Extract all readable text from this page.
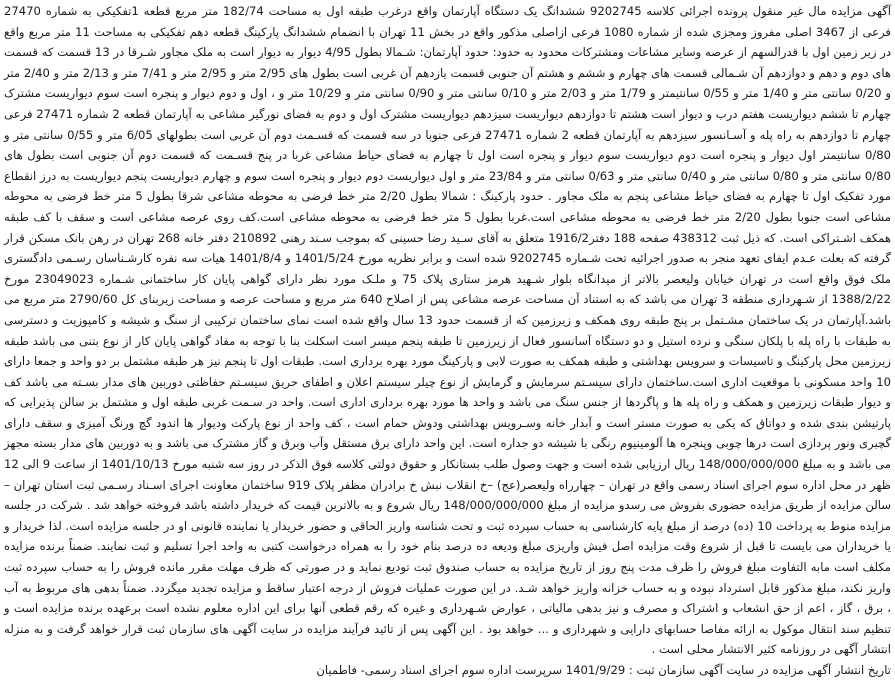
آگهی مزایده مال غیر منقول پرونده اجرائی کلاسه 9202745 ششدانگ یک دستگاه آپارتمان واقع درغرب طبقه اول به مساحت 182/74 متر مربع قطعه 1تفکیکی به شماره 27470 فرعی از 3467 اصلی مفروز ومجزی شده از شماره 1080 فرعی ازاصلی مذکور واقع در بخش 11 تهران با انضمام ششدانگ پارکینگ قطعه دهم تفکیکی به مساحت 11 متر مربع واقع در زیر زمین اول با قدرالسهم از عرصه وسایر مشاعات ومشترکات محدود به حدود: حدود آپارتمان: شـمالا بطول 4/95 دیوار به دیوار است به ملک مجاور شـرقا در 13 قسمت که قسمت های دوم و دهم و دوازدهم آن شـمالی قسمت های چهارم و ششم و هشتم آن جنوبی قسمت یازدهم آن غربی است بطول های 2/95 متر و 2/95 متر و 7/41 متر و 2/13 متر و 2/40 متر و 0/20 سانتی متر و 1/40 متر و 0/55 سانتیمتر و 1/79 متر و 2/03 متر و 0/10 سانتی متر و 0/90 سانتی متر و 10/29 متر و ، اول و دوم دیوار و پنجره است سوم دیواریست مشترک چهارم تا ششم دیواریست هفتم درب و دیوار است هشتم تا دوازدهم دیواریست سیزدهم دیواریست مشترک اول و دوم به فضای نورگیر مشاعی به آپارتمان قطعه 2 شماره 27471 فرعی چهارم تا دوازدهم به راه پله و آسـانسور سیزدهم به آپارتمان قطعه 2 شماره 27471 فرعی جنوبا در سه قسمت که قسـمت دوم آن غربی است بطولهای 6/05 متر و 0/55 سانتی متر و 0/80 سانتیمتر اول دیوار و پنجره است دوم دیواریست سوم دیوار و پنجره است اول تا چهارم به فضای حیاط مشاعی غربا در پنج قسـمت که قسمت دوم آن جنوبی است بطول های 0/80 سانتی متر و 0/80 سانتی متر و 0/40 سانتی متر و 0/63 سانتی متر و 23/84 متر و اول دیواریست دوم دیوار و پنجره است سوم و چهارم دیواریست پنجم دیواریست به درز انقطاع مورد تفکیک اول تا چهارم به فضای حیاط مشاعی پنجم به ملک مجاور . حدود پارکینگ : شمالا بطول 2/20 متر خط فرضی به محوطه مشاعی شرقا بطول 5 متر خط فرضی به محوطه مشاعی است جنوبا بطول 2/20 متر خط فرضی به محوطه مشاعی است.غربا بطول 5 متر خط فرضی به محوطه مشاعی است.کف روی عرصه مشاعی است و سقف با کف طبقه همکف اشـتراکی است. که ذیل ثبت 438312 صفحه 188 دفتر1916/2 متعلق به آقای سـید رضا حسینی که بموجب سـند رهنی 210892 دفتر خانه 268 تهران در رهن بانک مسکن قرار گرفته که بعلت عـدم ایفای تعهد منجر به صدور اجرائیه تحت شـماره 9202745 شده است و برابر نظریه مورخ 1401/5/24 و 1401/8/4 هیات سه نفره کارشـناسان رسـمی دادگستری ملک فوق واقع است در تهران خیابان ولیعصر بالاتر از میدانگاه بلوار شـهید هرمز ستاری پلاک 75 و ملـک مورد نظر دارای گواهی پایان کار ساختمانی شـماره 23049023 مورخ 1388/2/22 از شـهرداری منطقه 3 تهران می باشد که به استناد آن مساحت عرصه مشاعی پس از اصلاح 640 متر مربع و مساحت عرصه و مساحت زیربنای کل 2790/60 متر مربع می باشد.آپارتمان در یک ساختمان مشـتمل بر پنج طبقه روی همکف و زیرزمین که از قسمت حدود 13 سال واقع شده است نمای ساختمان ترکیبی از سنگ و شیشه و کامپوزیت و دسترسی به طبقات با راه پله با پلکان سنگی و نرده استیل و دو دستگاه آسانسور فعال از زیرزمین تا طبقه پنجم میسر است اسکلت بنا با توجه به مفاد گواهی پایان کار از نوع بتنی می باشد طبقه زیرزمین محل پارکینگ و تاسیسات و سرویس بهداشتی و طبقه همکف به صورت لابی و پارکینگ مورد بهره برداری است. طبقات اول تا پنجم نیز هر طبقه مشتمل بر دو واحد و جمعا دارای 10 واحد مسکونی با موقعیت اداری است.ساختمان دارای سیسـتم سرمایش و گرمایش از نوع چیلر سیستم اعلان و اطفای حریق سیسـتم حفاظتی دوربین های مدار بسـته می باشد کف و دیوار طبقات زیرزمین و همکف و راه پله ها و پاگردها از جنس سنگ می باشد و واحد ها مورد بهره برداری اداری است. واحد در سـمت غربی طبقه اول و مشتمل بر سالن پذیرایی که پارتیشن بندی شده و دواتاق که یکی به صورت مستر است و آبدار خانه وسـرویس بهداشتی ودوش حمام است ، کف واحد از نوع پارکت ودیوار ها اندود گچ ورنگ آمیزی و سقف دارای گچبری ونور پردازی است درها چوبی وپنجره ها آلومینیوم رنگی با شیشه دو جداره است. این واحد دارای برق مستقل وآب وبرق و گاز مشترک می باشد و به دوربین های مدار بسته مجهز می باشد و به مبلغ 148/000/000/000 ریال ارزیابی شده است و جهت وصول طلب بستانکار و حقوق دولتی کلاسه فوق الذکر در روز سه شنبه مورخ 1401/10/13 از ساعت 9 الی 12 ظهر در محل اداره سوم اجرای اسناد رسمی واقع در تهران – چهارراه ولیعصر(عج) –خ انقلاب نبش خ برادران مظفر پلاک 919 ساختمان معاونت اجرای اسـناد رسـمی ثبت استان تهران – سالن مزایده از طریق مزایده حضوری بفروش می رسدو مزایده از مبلغ 148/000/000/000 ریال شروع و به بالاترین قیمت که خریدار داشته باشد فروخته خواهد شد . شرکت در جلسه مزایده منوط به پرداخت 10 (ده) درصد از مبلغ پایه کارشناسی به حساب سپرده ثبت و تحت شناسه واریز الحاقی و حضور خریدار یا نماینده قانونی او در جلسه مزایده است. لذا خریدار و یا خریداران می بایست تا قبل از شروع وقت مزایده اصل فیش واریزی مبلغ ودیعه ده درصد بنام خود را به همراه درخواست کتبی به واحد اجرا تسلیم و ثبت نمایند. ضمناً برنده مزایده مکلف است مابه التفاوت مبلغ فروش را ظرف مدت پنج روز از تاریخ مزایده به حساب صندوق ثبت تودیع نماید و در صورتی که ظرف مهلت مقرر مانده فروش را به حساب سپرده ثبت واریز نکند، مبلغ مذکور قابل استرداد نبوده و به حساب خزانه واریز خواهد شـد. در این صورت عملیات فروش از درجه اعتبار ساقط و مزایده تجدید میگردد. ضمناً بدهی های مربوط به آب ، برق ، گاز ، اعم از حق انشعاب و اشتراک و مصرف و نیز بدهی مالیاتی ، عوارض شـهرداری و غیره که رقم قطعی آنها برای این اداره معلوم نشده است برعهده برنده مزایده است و تنظیم سند انتقال موکول به ارائه مفاصا حسابهای دارایی و شهرداری و ... خواهد بود . این آگهی پس از تائید فرآیند مزایده در سایت آگهی های سازمان ثبت قرار خواهد گرفت و به منزله انتشار آگهی در روزنامه کثیر الانتشار محلی است .

تاریخ انتشار آگهی مزایده در سایت آگهی سازمان ثبت : 1401/9/29 سرپرست اداره سوم اجرای اسناد رسمی- فاطمیان
